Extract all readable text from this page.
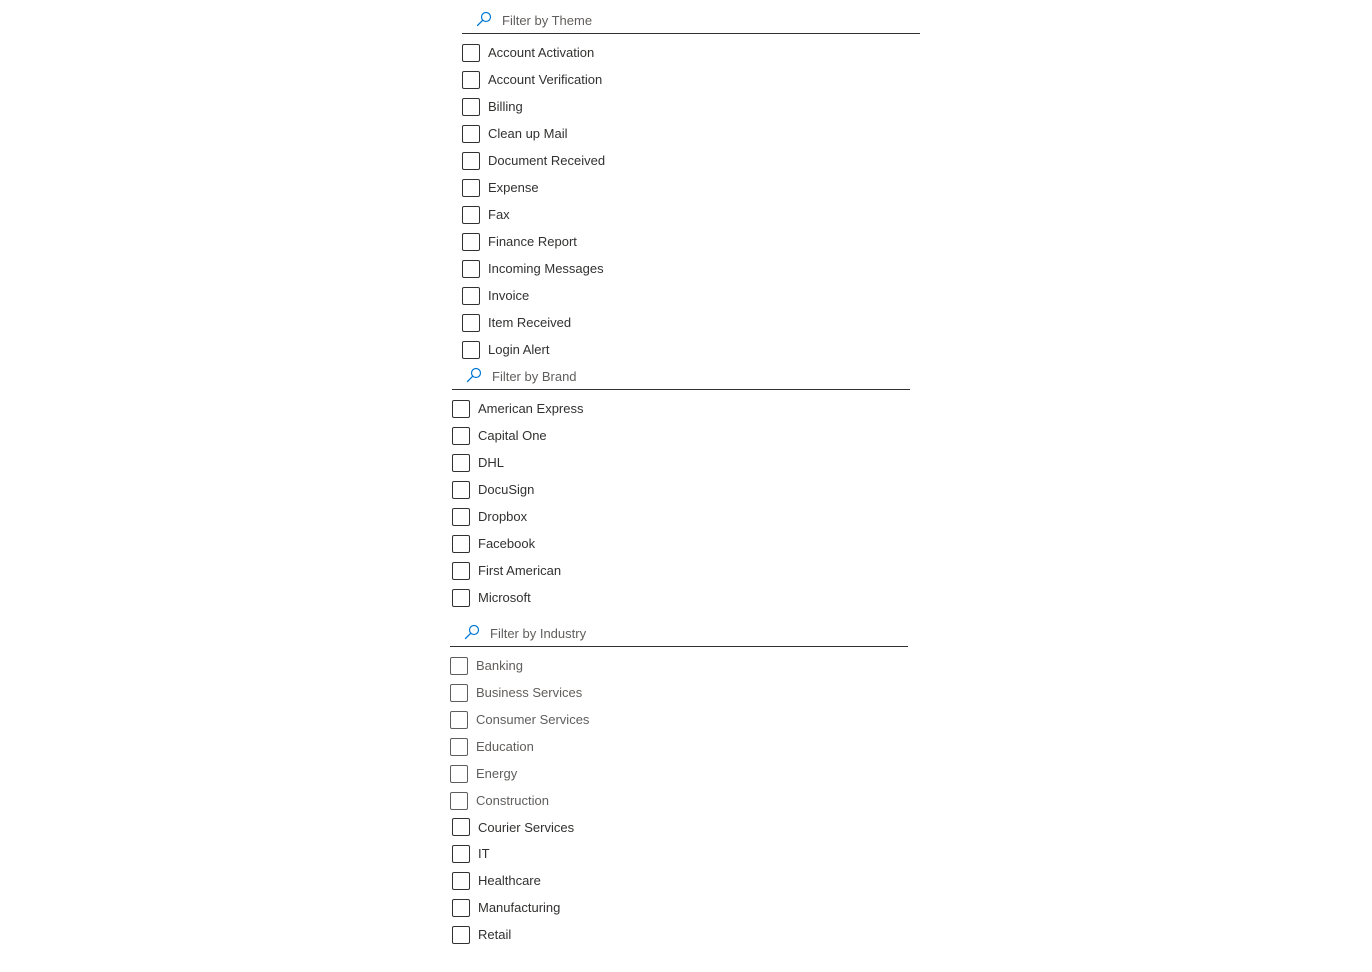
Filter by Theme
Account Activation
Account Verification
Billing
Clean up Mail
Document Received
Expense
Fax
Finance Report
Incoming Messages
Invoice
Item Received
Login Alert
Filter by Brand
American Express
Capital One
DHL
DocuSign
Dropbox
Facebook
First American
Microsoft
Filter by Industry
Banking
Business Services
Consumer Services
Education
Energy
Construction
Courier Services
IT
Healthcare
Manufacturing
Retail
